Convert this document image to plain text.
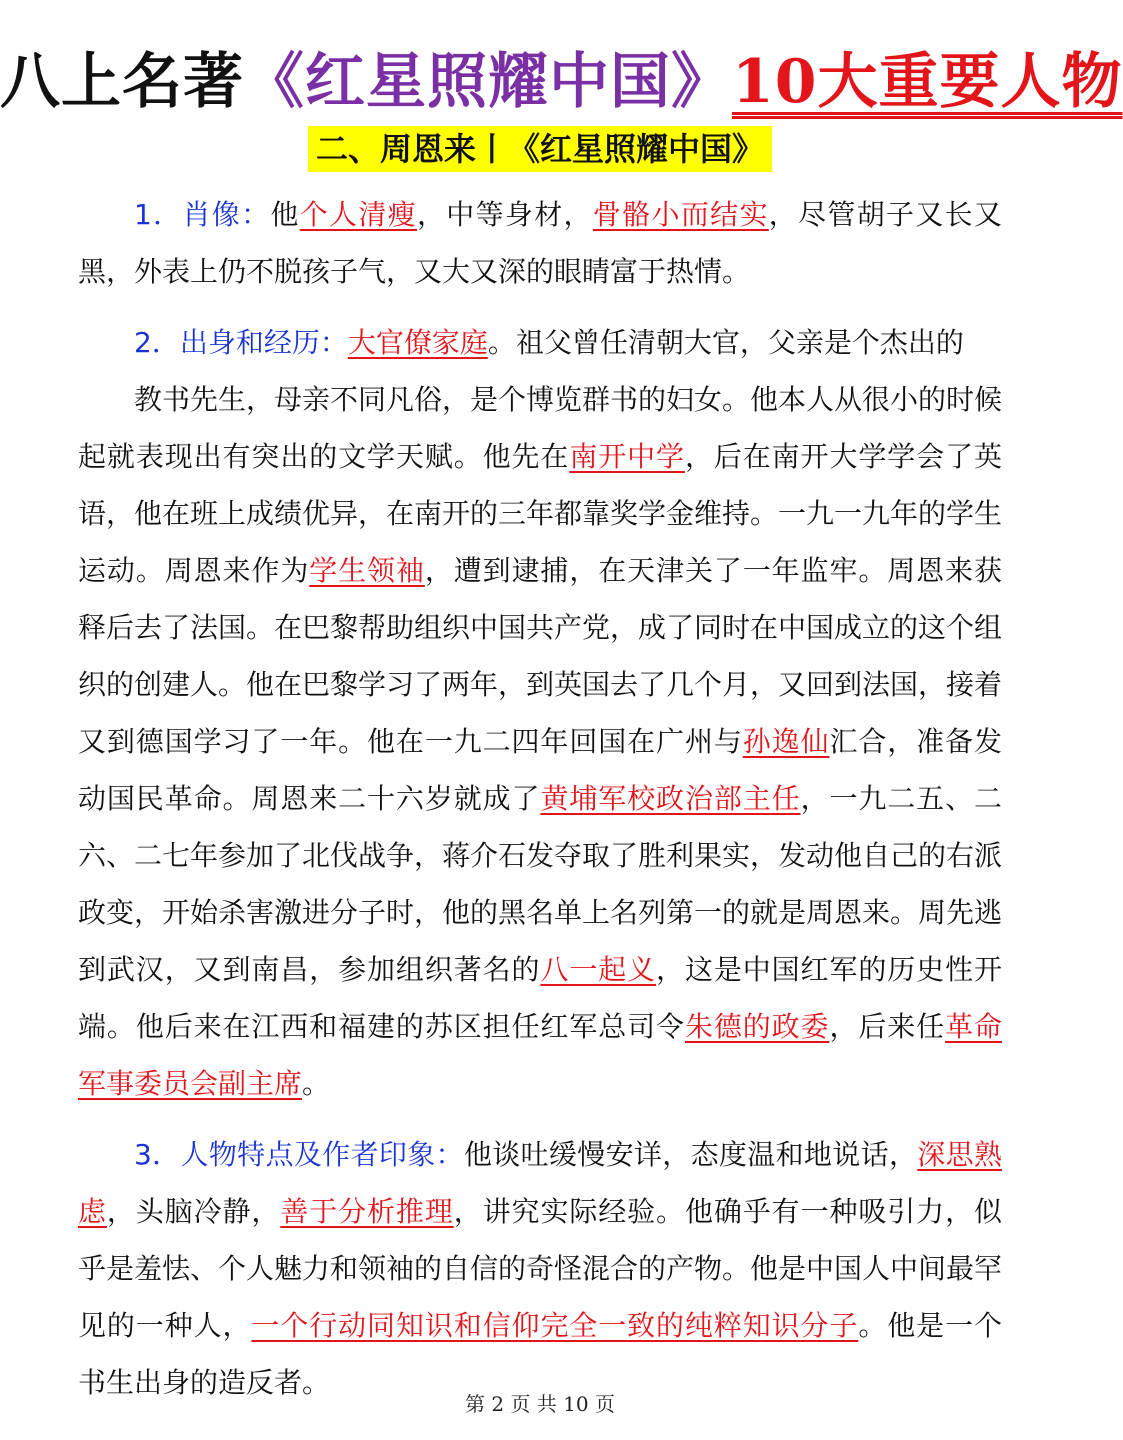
八上名著《红星照耀中国》10大重要人物
二、周恩来丨《红星照耀中国》

1．肖像：他个人清瘦，中等身材，骨骼小而结实，尽管胡子又长又黑，外表上仍不脱孩子气，又大又深的眼睛富于热情。

2．出身和经历：大官僚家庭。祖父曾任清朝大官，父亲是个杰出的

教书先生，母亲不同凡俗，是个博览群书的妇女。他本人从很小的时候起就表现出有突出的文学天赋。他先在南开中学，后在南开大学学会了英语，他在班上成绩优异，在南开的三年都靠奖学金维持。一九一九年的学生运动。周恩来作为学生领袖，遭到逮捕，在天津关了一年监牢。周恩来获释后去了法国。在巴黎帮助组织中国共产党，成了同时在中国成立的这个组织的创建人。他在巴黎学习了两年，到英国去了几个月，又回到法国，接着又到德国学习了一年。他在一九二四年回国在广州与孙逸仙汇合，准备发动国民革命。周恩来二十六岁就成了黄埔军校政治部主任，一九二五、二六、二七年参加了北伐战争，蒋介石发夺取了胜利果实，发动他自己的右派政变，开始杀害激进分子时，他的黑名单上名列第一的就是周恩来。周先逃到武汉，又到南昌，参加组织著名的八一起义，这是中国红军的历史性开端。他后来在江西和福建的苏区担任红军总司令朱德的政委，后来任革命军事委员会副主席。

3．人物特点及作者印象：他谈吐缓慢安详，态度温和地说话，深思熟虑，头脑冷静，善于分析推理，讲究实际经验。他确乎有一种吸引力，似乎是羞怯、个人魅力和领袖的自信的奇怪混合的产物。他是中国人中间最罕见的一种人，一个行动同知识和信仰完全一致的纯粹知识分子。他是一个书生出身的造反者。

第 2 页 共 10 页
